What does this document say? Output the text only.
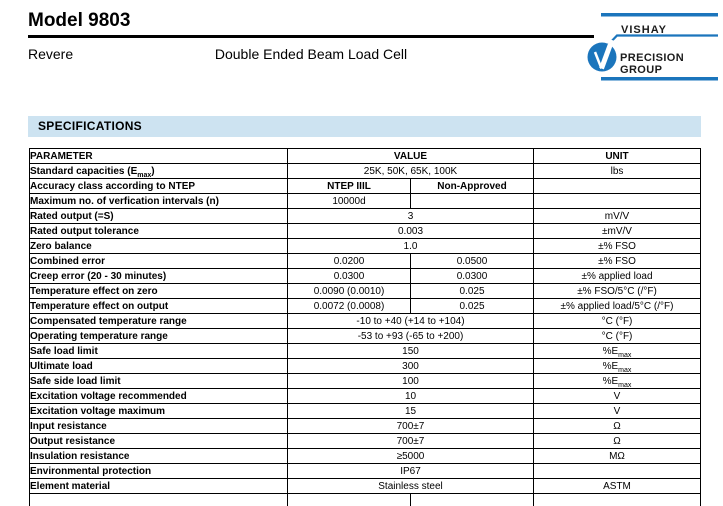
Model 9803
Revere	Double Ended Beam Load Cell
VISHAY
PRECISION
GROUP
SPECIFICATIONS
PARAMETER	VALUE		UNIT
Standard capacities $(E_{max})$	25K, 50K, 65K, 100K		lbs
Accuracy class according to NTEP	NTEP IIIL	Non-Approved	
Maximum no. of verfication intervals (n)	10000d		
Rated output (=S)	3		mV/V
Rated output tolerance	0.003		±mV/V
Zero balance	1.0		±% FSO
Combined error	0.0200	0.0500	±% FSO
Creep error (20 - 30 minutes)	0.0300	0.0300	±% applied load
Temperature effect on zero	0.0090 (0.0010)	0.025	±% FSO/5°C (/°F)
Temperature effect on output	0.0072 (0.0008)	0.025	±% applied load/5°C (/°F)
Compensated temperature range	-10 to +40 (+14 to +104)		°C (°F)
Operating temperature range	-53 to +93 (-65 to +200)		°C (°F)
Safe load limit	150		$\%E_{max}$
Ultimate load	300		$\%E_{max}$
Safe side load limit	100		$\%E_{max}$
Excitation voltage recommended	10		V
Excitation voltage maximum	15		V
Input resistance	700±7		Ω
Output resistance	700±7		Ω
Insulation resistance	≥5000		MΩ
Environmental protection	IP67		
Element material	Stainless steel		ASTM
